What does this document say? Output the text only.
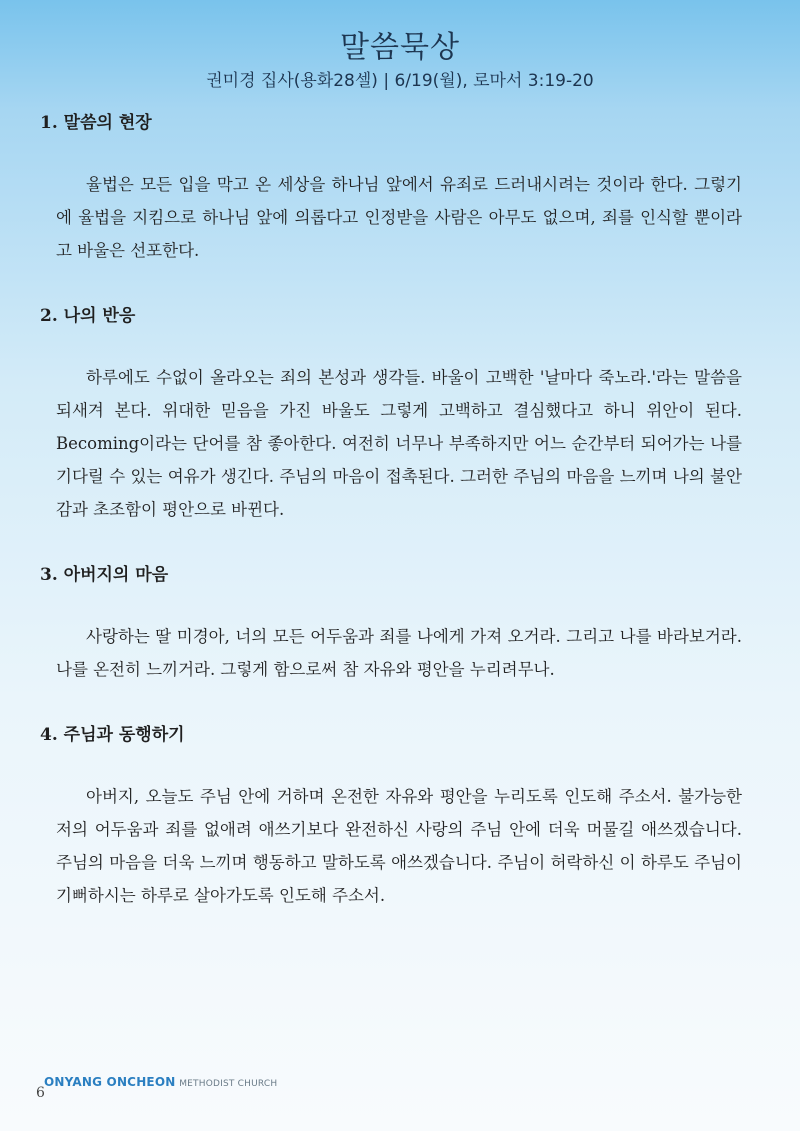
말씀묵상
권미경 집사(용화28셀) | 6/19(월), 로마서 3:19-20
1. 말씀의 현장
율법은 모든 입을 막고 온 세상을 하나님 앞에서 유죄로 드러내시려는 것이라 한다. 그렇기에 율법을 지킴으로 하나님 앞에 의롭다고 인정받을 사람은 아무도 없으며, 죄를 인식할 뿐이라고 바울은 선포한다.
2. 나의 반응
하루에도 수없이 올라오는 죄의 본성과 생각들. 바울이 고백한 '날마다 죽노라.'라는 말씀을 되새겨 본다. 위대한 믿음을 가진 바울도 그렇게 고백하고 결심했다고 하니 위안이 된다. Becoming이라는 단어를 참 좋아한다. 여전히 너무나 부족하지만 어느 순간부터 되어가는 나를 기다릴 수 있는 여유가 생긴다. 주님의 마음이 접촉된다. 그러한 주님의 마음을 느끼며 나의 불안감과 초조함이 평안으로 바뀐다.
3. 아버지의 마음
사랑하는 딸 미경아, 너의 모든 어두움과 죄를 나에게 가져 오거라. 그리고 나를 바라보거라. 나를 온전히 느끼거라. 그렇게 함으로써 참 자유와 평안을 누리려무나.
4. 주님과 동행하기
아버지, 오늘도 주님 안에 거하며 온전한 자유와 평안을 누리도록 인도해 주소서. 불가능한 저의 어두움과 죄를 없애려 애쓰기보다 완전하신 사랑의 주님 안에 더욱 머물길 애쓰겠습니다. 주님의 마음을 더욱 느끼며 행동하고 말하도록 애쓰겠습니다. 주님이 허락하신 이 하루도 주님이 기뻐하시는 하루로 살아가도록 인도해 주소서.
ONYANG ONCHEON METHODIST CHURCH
6
